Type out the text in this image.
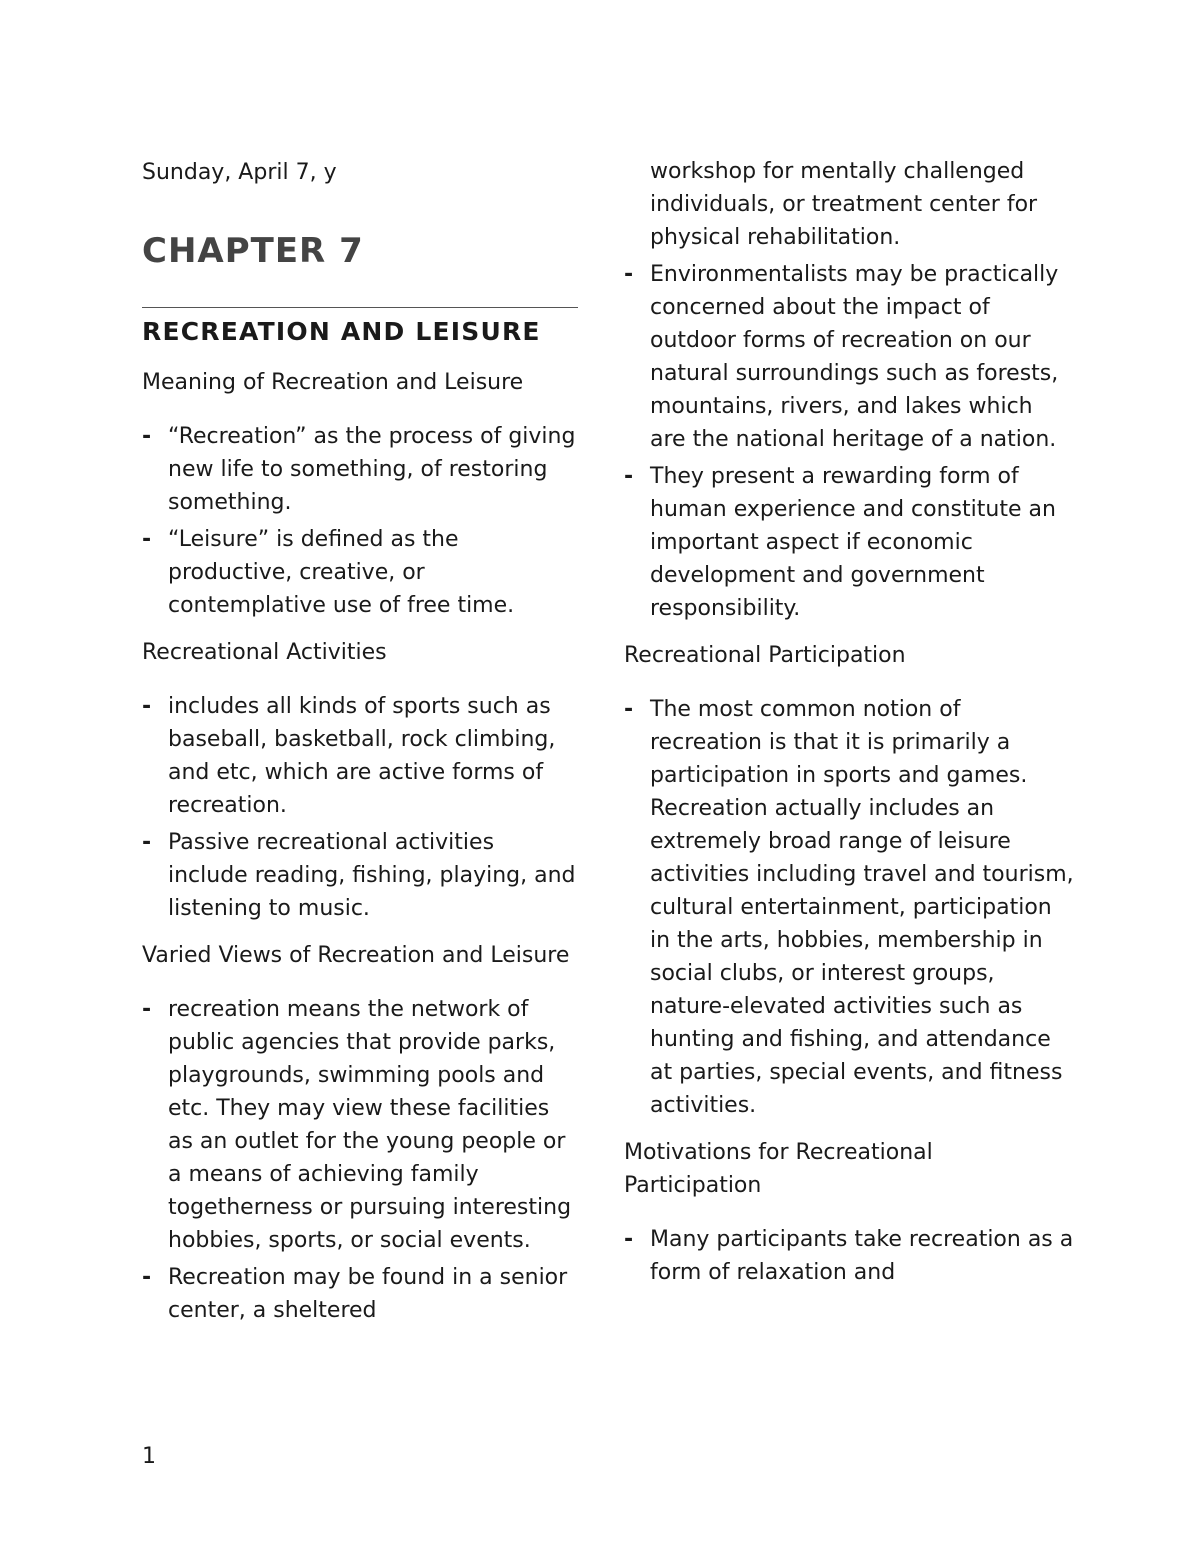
Sunday, April 7, y
CHAPTER 7
RECREATION AND LEISURE

Meaning of Recreation and Leisure

- “Recreation” as the process of giving new life to something, of restoring something.
- “Leisure” is defined as the productive, creative, or contemplative use of free time.

Recreational Activities

- includes all kinds of sports such as baseball, basketball, rock climbing, and etc, which are active forms of recreation.
- Passive recreational activities include reading, fishing, playing, and listening to music.

Varied Views of Recreation and Leisure

- recreation means the network of public agencies that provide parks, playgrounds, swimming pools and etc. They may view these facilities as an outlet for the young people or a means of achieving family togetherness or pursuing interesting hobbies, sports, or social events.
- Recreation may be found in a senior center, a sheltered
workshop for mentally challenged individuals, or treatment center for physical rehabilitation.
- Environmentalists may be practically concerned about the impact of outdoor forms of recreation on our natural surroundings such as forests, mountains, rivers, and lakes which are the national heritage of a nation.
- They present a rewarding form of human experience and constitute an important aspect if economic development and government responsibility.

Recreational Participation

- The most common notion of recreation is that it is primarily a participation in sports and games. Recreation actually includes an extremely broad range of leisure activities including travel and tourism, cultural entertainment, participation in the arts, hobbies, membership in social clubs, or interest groups, nature-elevated activities such as hunting and fishing, and attendance at parties, special events, and fitness activities.

Motivations for Recreational Participation

- Many participants take recreation as a form of relaxation and
1
